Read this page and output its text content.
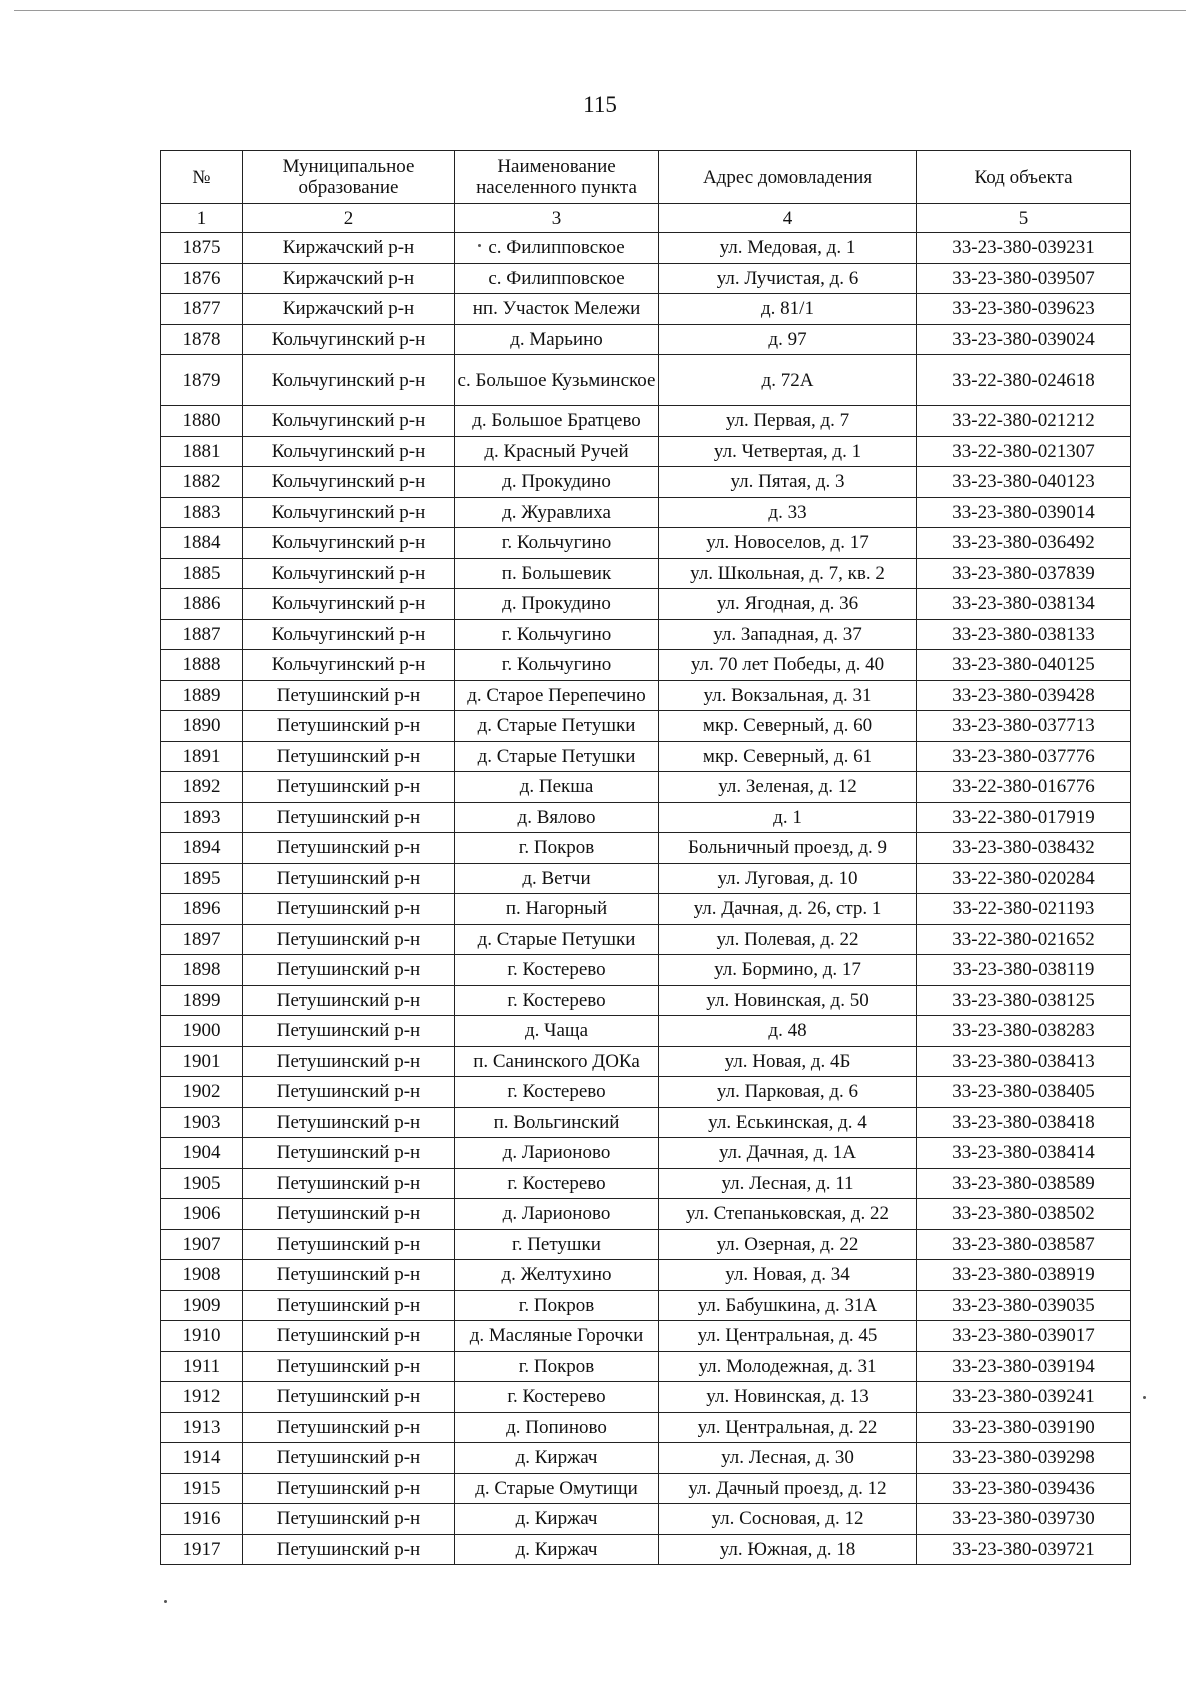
115
№	Муниципальное образование	Наименование населенного пункта	Адрес домовладения	Код объекта
1	2	3	4	5
1875	Киржачский р-н	с. Филипповское	ул. Медовая, д. 1	33-23-380-039231
1876	Киржачский р-н	с. Филипповское	ул. Лучистая, д. 6	33-23-380-039507
1877	Киржачский р-н	нп. Участок Мележи	д. 81/1	33-23-380-039623
1878	Кольчугинский р-н	д. Марьино	д. 97	33-23-380-039024
1879	Кольчугинский р-н	с. Большое Кузьминское	д. 72А	33-22-380-024618
1880	Кольчугинский р-н	д. Большое Братцево	ул. Первая, д. 7	33-22-380-021212
1881	Кольчугинский р-н	д. Красный Ручей	ул. Четвертая, д. 1	33-22-380-021307
1882	Кольчугинский р-н	д. Прокудино	ул. Пятая, д. 3	33-23-380-040123
1883	Кольчугинский р-н	д. Журавлиха	д. 33	33-23-380-039014
1884	Кольчугинский р-н	г. Кольчугино	ул. Новоселов, д. 17	33-23-380-036492
1885	Кольчугинский р-н	п. Большевик	ул. Школьная, д. 7, кв. 2	33-23-380-037839
1886	Кольчугинский р-н	д. Прокудино	ул. Ягодная, д. 36	33-23-380-038134
1887	Кольчугинский р-н	г. Кольчугино	ул. Западная, д. 37	33-23-380-038133
1888	Кольчугинский р-н	г. Кольчугино	ул. 70 лет Победы, д. 40	33-23-380-040125
1889	Петушинский р-н	д. Старое Перепечино	ул. Вокзальная, д. 31	33-23-380-039428
1890	Петушинский р-н	д. Старые Петушки	мкр. Северный, д. 60	33-23-380-037713
1891	Петушинский р-н	д. Старые Петушки	мкр. Северный, д. 61	33-23-380-037776
1892	Петушинский р-н	д. Пекша	ул. Зеленая, д. 12	33-22-380-016776
1893	Петушинский р-н	д. Вялово	д. 1	33-22-380-017919
1894	Петушинский р-н	г. Покров	Больничный проезд, д. 9	33-23-380-038432
1895	Петушинский р-н	д. Ветчи	ул. Луговая, д. 10	33-22-380-020284
1896	Петушинский р-н	п. Нагорный	ул. Дачная, д. 26, стр. 1	33-22-380-021193
1897	Петушинский р-н	д. Старые Петушки	ул. Полевая, д. 22	33-22-380-021652
1898	Петушинский р-н	г. Костерево	ул. Бормино, д. 17	33-23-380-038119
1899	Петушинский р-н	г. Костерево	ул. Новинская, д. 50	33-23-380-038125
1900	Петушинский р-н	д. Чаща	д. 48	33-23-380-038283
1901	Петушинский р-н	п. Санинского ДОКа	ул. Новая, д. 4Б	33-23-380-038413
1902	Петушинский р-н	г. Костерево	ул. Парковая, д. 6	33-23-380-038405
1903	Петушинский р-н	п. Вольгинский	ул. Еськинская, д. 4	33-23-380-038418
1904	Петушинский р-н	д. Ларионово	ул. Дачная, д. 1А	33-23-380-038414
1905	Петушинский р-н	г. Костерево	ул. Лесная, д. 11	33-23-380-038589
1906	Петушинский р-н	д. Ларионово	ул. Степаньковская, д. 22	33-23-380-038502
1907	Петушинский р-н	г. Петушки	ул. Озерная, д. 22	33-23-380-038587
1908	Петушинский р-н	д. Желтухино	ул. Новая, д. 34	33-23-380-038919
1909	Петушинский р-н	г. Покров	ул. Бабушкина, д. 31А	33-23-380-039035
1910	Петушинский р-н	д. Масляные Горочки	ул. Центральная, д. 45	33-23-380-039017
1911	Петушинский р-н	г. Покров	ул. Молодежная, д. 31	33-23-380-039194
1912	Петушинский р-н	г. Костерево	ул. Новинская, д. 13	33-23-380-039241
1913	Петушинский р-н	д. Попиново	ул. Центральная, д. 22	33-23-380-039190
1914	Петушинский р-н	д. Киржач	ул. Лесная, д. 30	33-23-380-039298
1915	Петушинский р-н	д. Старые Омутищи	ул. Дачный проезд, д. 12	33-23-380-039436
1916	Петушинский р-н	д. Киржач	ул. Сосновая, д. 12	33-23-380-039730
1917	Петушинский р-н	д. Киржач	ул. Южная, д. 18	33-23-380-039721
